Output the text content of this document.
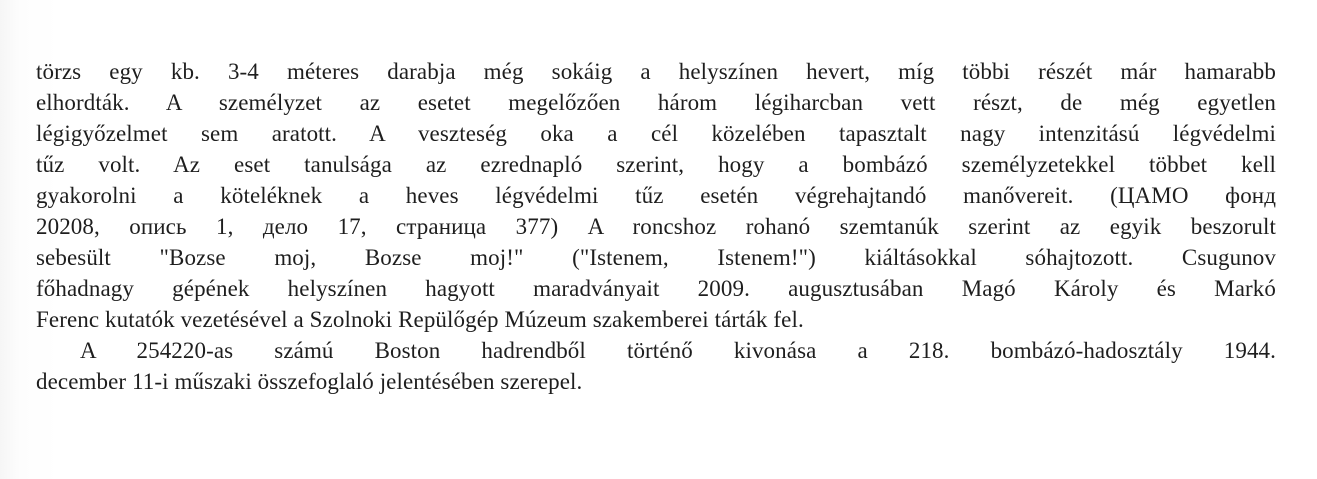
törzs egy kb. 3-4 méteres darabja még sokáig a helyszínen hevert, míg többi részét már hamarabb
elhordták. A személyzet az esetet megelőzően három légiharcban vett részt, de még egyetlen
légigyőzelmet sem aratott. A veszteség oka a cél közelében tapasztalt nagy intenzitású légvédelmi
tűz volt. Az eset tanulsága az ezrednapló szerint, hogy a bombázó személyzetekkel többet kell
gyakorolni a köteléknek a heves légvédelmi tűz esetén végrehajtandó manővereit. (ЦАМО фонд
20208, опись 1, дело 17, страница 377) A roncshoz rohanó szemtanúk szerint az egyik beszorult
sebesült "Bozse moj, Bozse moj!" ("Istenem, Istenem!") kiáltásokkal sóhajtozott. Csugunov
főhadnagy gépének helyszínen hagyott maradványait 2009. augusztusában Magó Károly és Markó
Ferenc kutatók vezetésével a Szolnoki Repülőgép Múzeum szakemberei tárták fel.
A 254220-as számú Boston hadrendből történő kivonása a 218. bombázó-hadosztály 1944.
december 11-i műszaki összefoglaló jelentésében szerepel.
